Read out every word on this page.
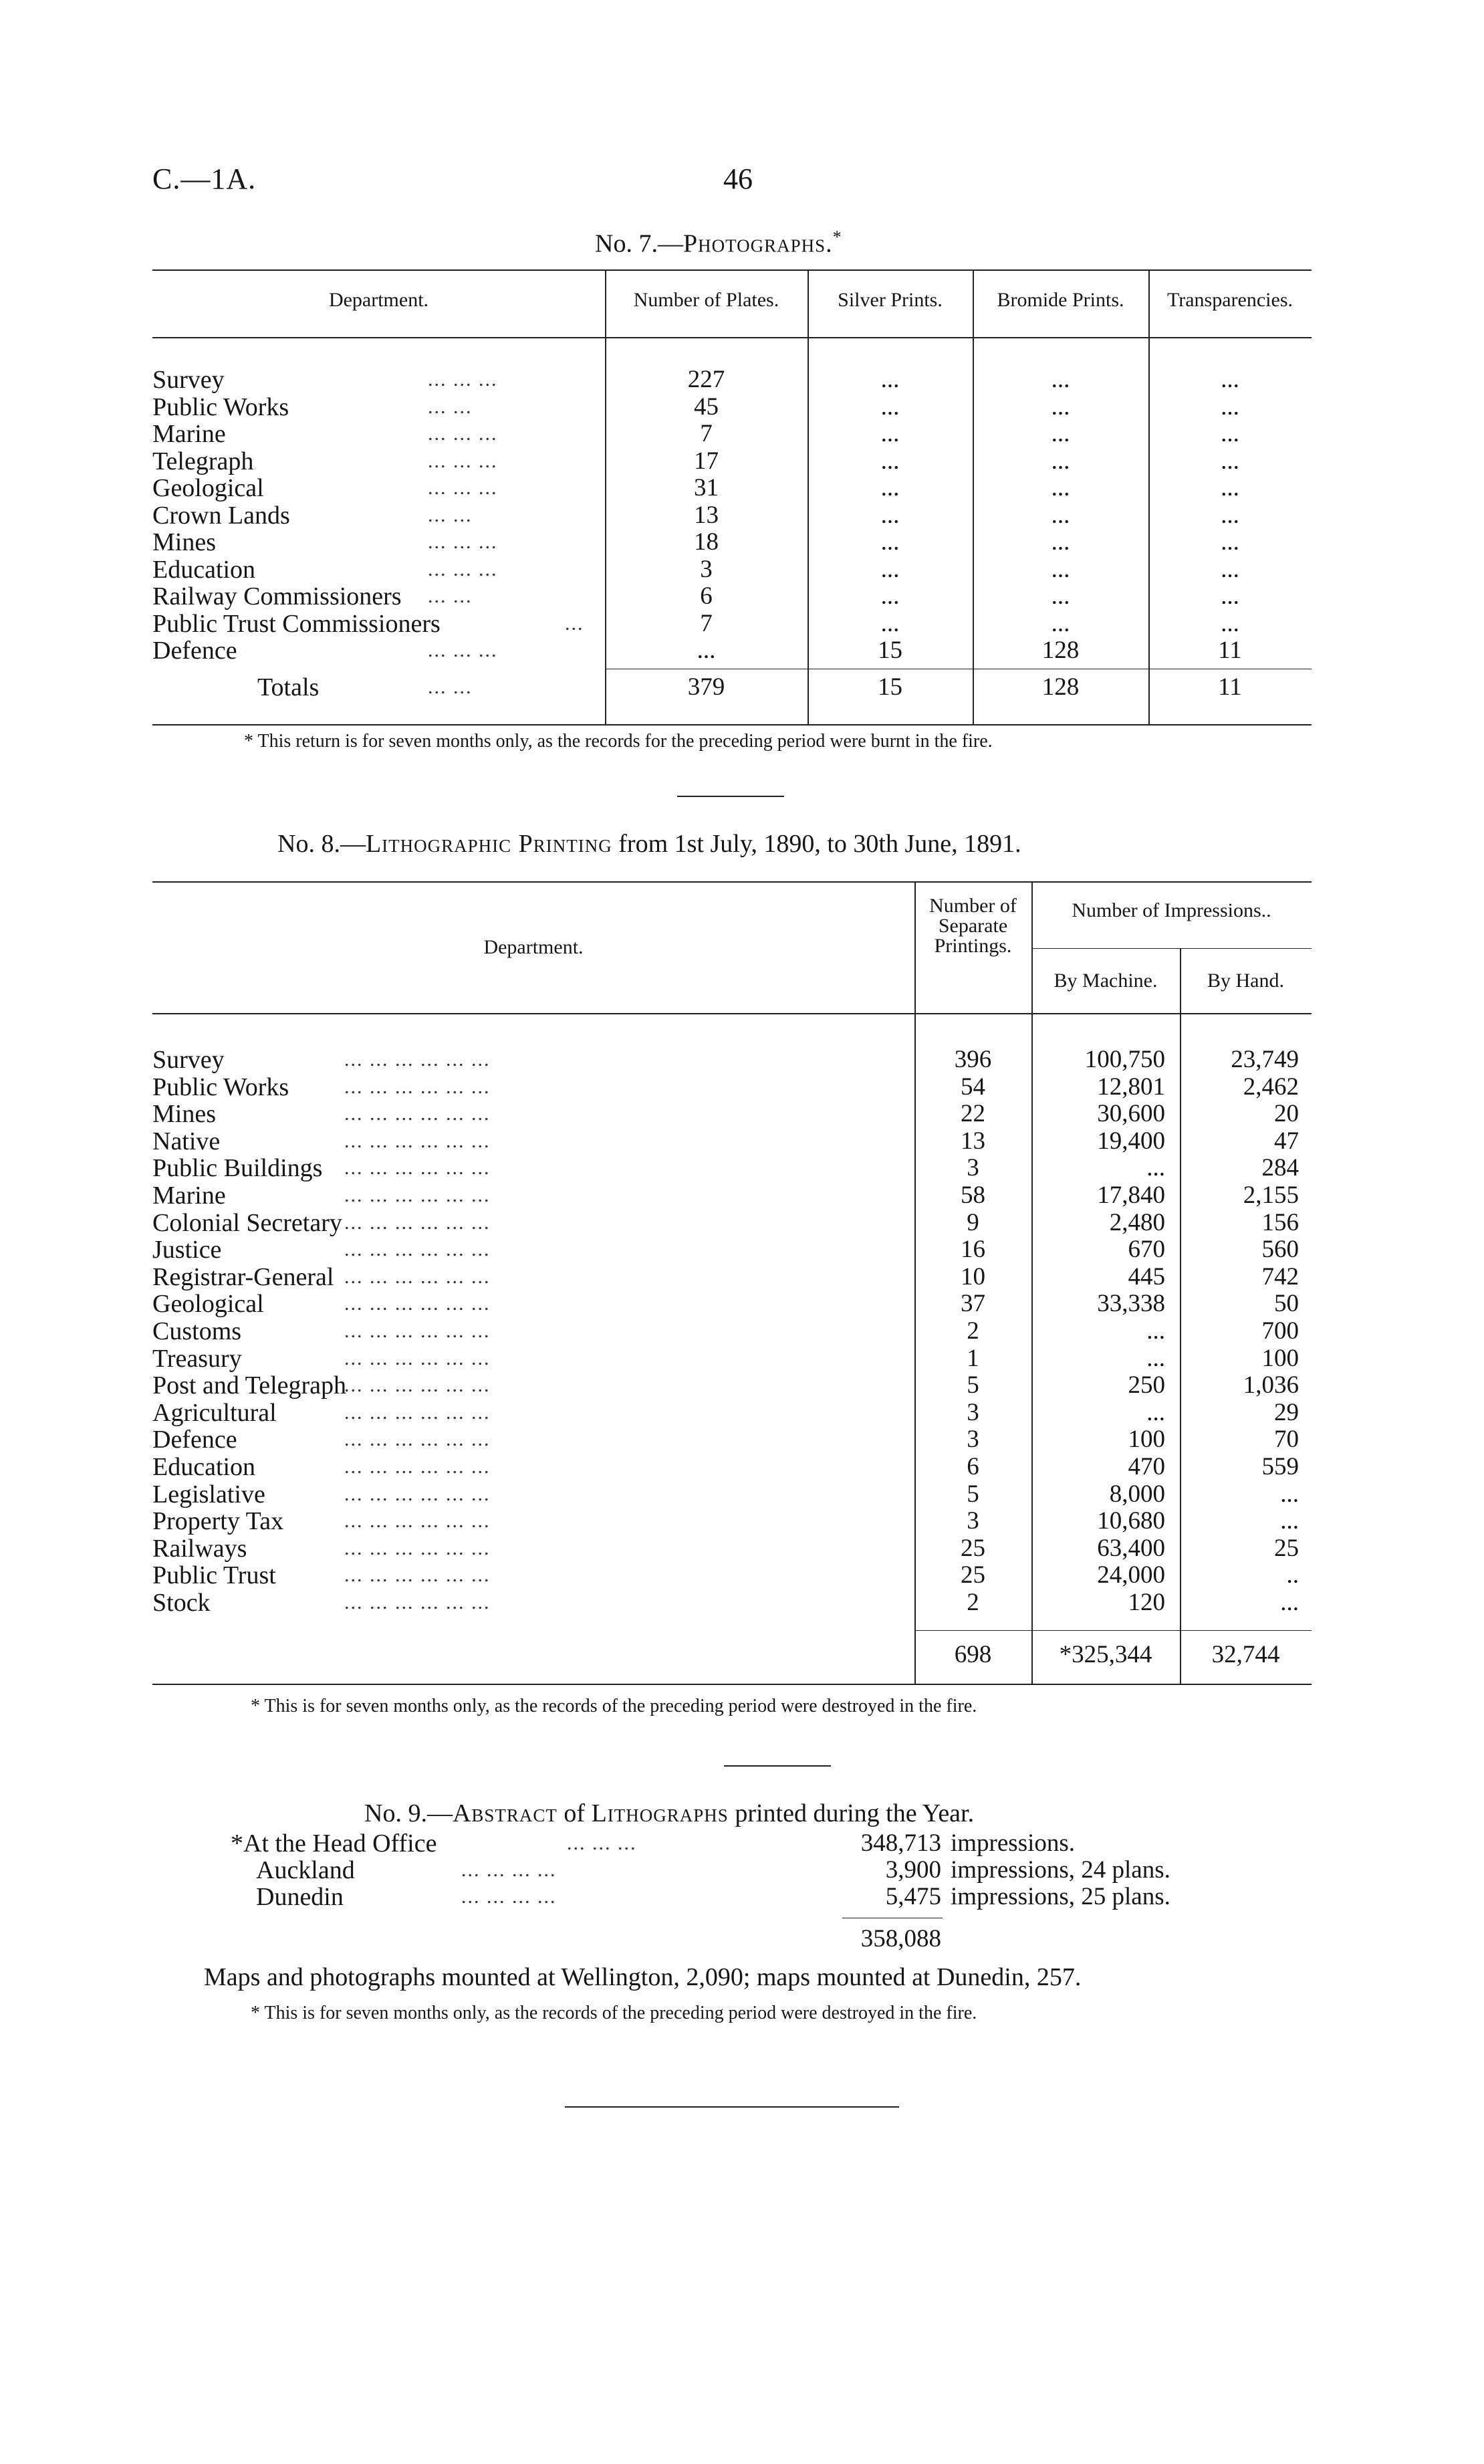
C.—1A.	46
No. 7.—Photographs.*
Department.	Number of Plates.	Silver Prints.	Bromide Prints.	Transparencies.
Survey	... ... ...	227	...	...	...
Public Works	... ...	45	...	...	...
Marine	... ... ...	7	...	...	...
Telegraph	... ... ...	17	...	...	...
Geological	... ... ...	31	...	...	...
Crown Lands	... ...	13	...	...	...
Mines	... ... ...	18	...	...	...
Education	... ... ...	3	...	...	...
Railway Commissioners ... ...	6	...	...	...
Public Trust Commissioners	...	7	...	...	...
Defence	... ... ...	...	15	128	11
Totals	... ...	379	15	128	11
* This return is for seven months only, as the records for the preceding period were burnt in the fire.
No. 8.—Lithographic Printing from 1st July, 1890, to 30th June, 1891.
Department.
Number of Separate Printings.
Number of Impressions..
By Machine.	By Hand.
Survey	396	100,750	23,749
... ... ... ... ... ...
Public Works	54	12,801	2,462
... ... ... ... ... ...
Mines	22	30,600	20
... ... ... ... ... ...
Native	13	19,400	47
... ... ... ... ... ...
Public Buildings	3	...	284
... ... ... ... ... ...
Marine	58	17,840	2,155
... ... ... ... ... ...
Colonial Secretary	9	2,480	156
... ... ... ... ... ...
Justice	16	670	560
... ... ... ... ... ...
Registrar-General	10	445	742
... ... ... ... ... ...
Geological	37	33,338	50
... ... ... ... ... ...
Customs	2	...	700
... ... ... ... ... ...
Treasury	1	...	100
... ... ... ... ... ...
Post and Telegraph	5	250	1,036
... ... ... ... ... ...
Agricultural	3	...	29
... ... ... ... ... ...
Defence	3	100	70
... ... ... ... ... ...
Education	6	470	559
... ... ... ... ... ...
Legislative	5	8,000	...
... ... ... ... ... ...
Property Tax	3	10,680	...
... ... ... ... ... ...
Railways	25	63,400	25
... ... ... ... ... ...
Public Trust	25	24,000	..
... ... ... ... ... ...
Stock	2	120	...
... ... ... ... ... ...
698	*325,344	32,744
* This is for seven months only, as the records of the preceding period were destroyed in the fire.
No. 9.—Abstract of Lithographs printed during the Year.
*At the Head Office	... ... ...	348,713 impressions.
Auckland	... ... ... ...	3,900 impressions, 24 plans.
Dunedin	... ... ... ...	5,475 impressions, 25 plans.
358,088
Maps and photographs mounted at Wellington, 2,090; maps mounted at Dunedin, 257.
* This is for seven months only, as the records of the preceding period were destroyed in the fire.
